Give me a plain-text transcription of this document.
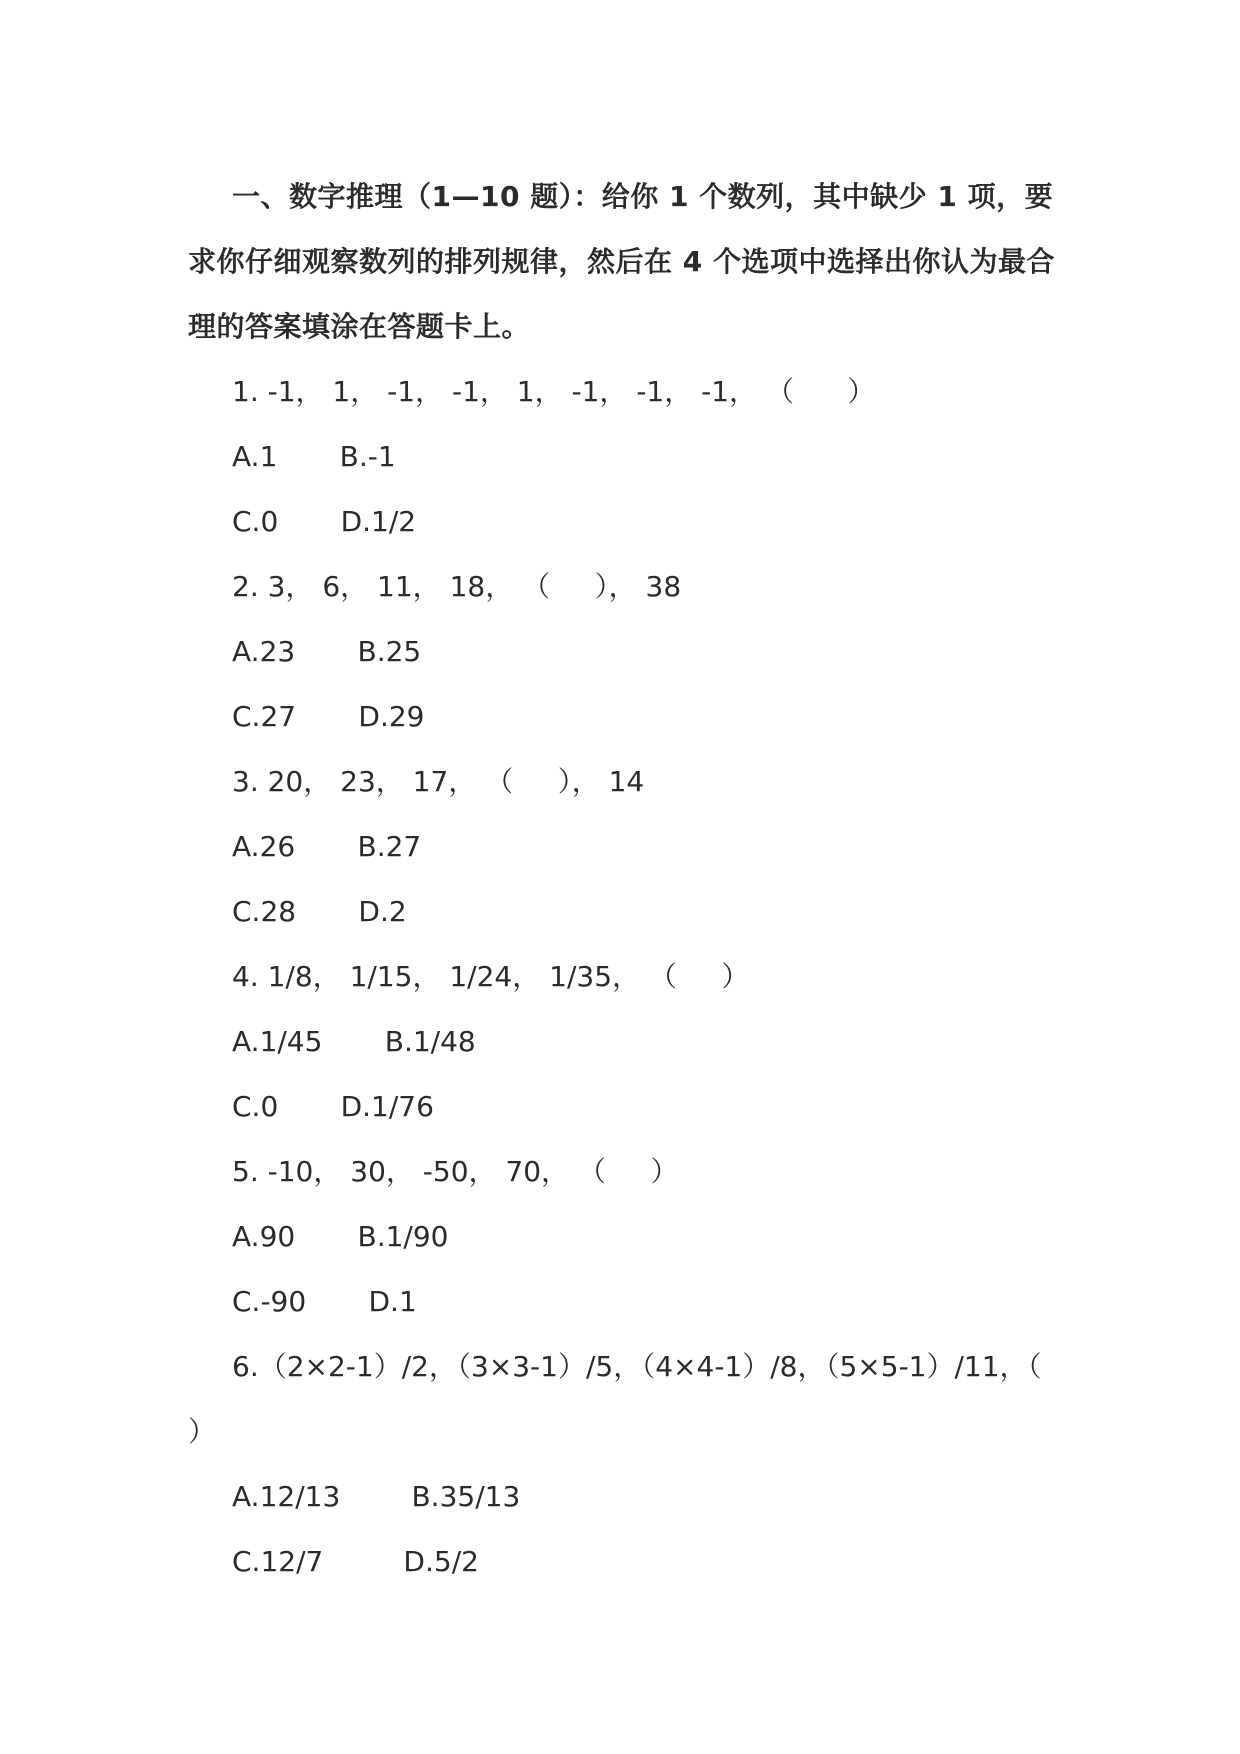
一、数字推理（1—10 题）：给你 1 个数列，其中缺少 1 项，要求你仔细观察数列的排列规律，然后在 4 个选项中选择出你认为最合理的答案填涂在答题卡上。

1. -1， 1， -1， -1， 1， -1， -1， -1， （      ）

A.1       B.-1

C.0       D.1/2

2. 3， 6， 11， 18， （     ）， 38

A.23       B.25

C.27       D.29

3. 20， 23， 17， （     ）， 14

A.26       B.27

C.28       D.2

4. 1/8， 1/15， 1/24， 1/35， （     ）

A.1/45       B.1/48

C.0       D.1/76

5. -10， 30， -50， 70， （     ）

A.90       B.1/90

C.-90       D.1

6.（2×2-1）/2，（3×3-1）/5，（4×4-1）/8，（5×5-1）/11，（      ）

A.12/13        B.35/13

C.12/7         D.5/2
